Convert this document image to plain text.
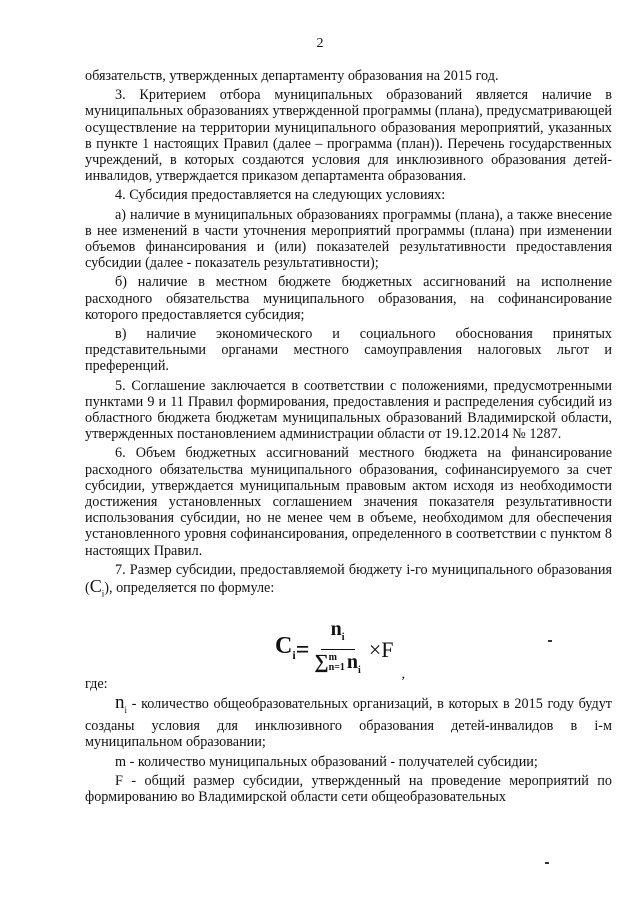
2

обязательств, утвержденных департаменту образования на 2015 год.

3. Критерием отбора муниципальных образований является наличие в муниципальных образованиях утвержденной программы (плана), предусматривающей осуществление на территории муниципального образования мероприятий, указанных в пункте 1 настоящих Правил (далее – программа (план)). Перечень государственных учреждений, в которых создаются условия для инклюзивного образования детей-инвалидов, утверждается приказом департамента образования.

4. Субсидия предоставляется на следующих условиях:

а) наличие в муниципальных образованиях программы (плана), а также внесение в нее изменений в части уточнения мероприятий программы (плана) при изменении объемов финансирования и (или) показателей результативности предоставления субсидии (далее - показатель результативности);

б) наличие в местном бюджете бюджетных ассигнований на исполнение расходного обязательства муниципального образования, на софинансирование которого предоставляется субсидия;

в) наличие экономического и социального обоснования принятых представительными органами местного самоуправления налоговых льгот и преференций.

5. Соглашение заключается в соответствии с положениями, предусмотренными пунктами 9 и 11 Правил формирования, предоставления и распределения субсидий из областного бюджета бюджетам муниципальных образований Владимирской области, утвержденных постановлением администрации области от 19.12.2014 № 1287.

6. Объем бюджетных ассигнований местного бюджета на финансирование расходного обязательства муниципального образования, софинансируемого за счет субсидии, утверждается муниципальным правовым актом исходя из необходимости достижения установленных соглашением значения показателя результативности использования субсидии, но не менее чем в объеме, необходимом для обеспечения установленного уровня софинансирования, определенного в соответствии с пунктом 8 настоящих Правил.

7. Размер субсидии, предоставляемой бюджету i-го муниципального образования $(C_i)$, определяется по формуле:

$C_i = n_i$
∑ m
n=1 $n_i \times F$
,

где:

$n_i$ - количество общеобразовательных организаций, в которых в 2015 году будут созданы условия для инклюзивного образования детей-инвалидов в i-м муниципальном образовании;

m - количество муниципальных образований - получателей субсидии;

F - общий размер субсидии, утвержденный на проведение мероприятий по формированию во Владимирской области сети общеобразовательных
